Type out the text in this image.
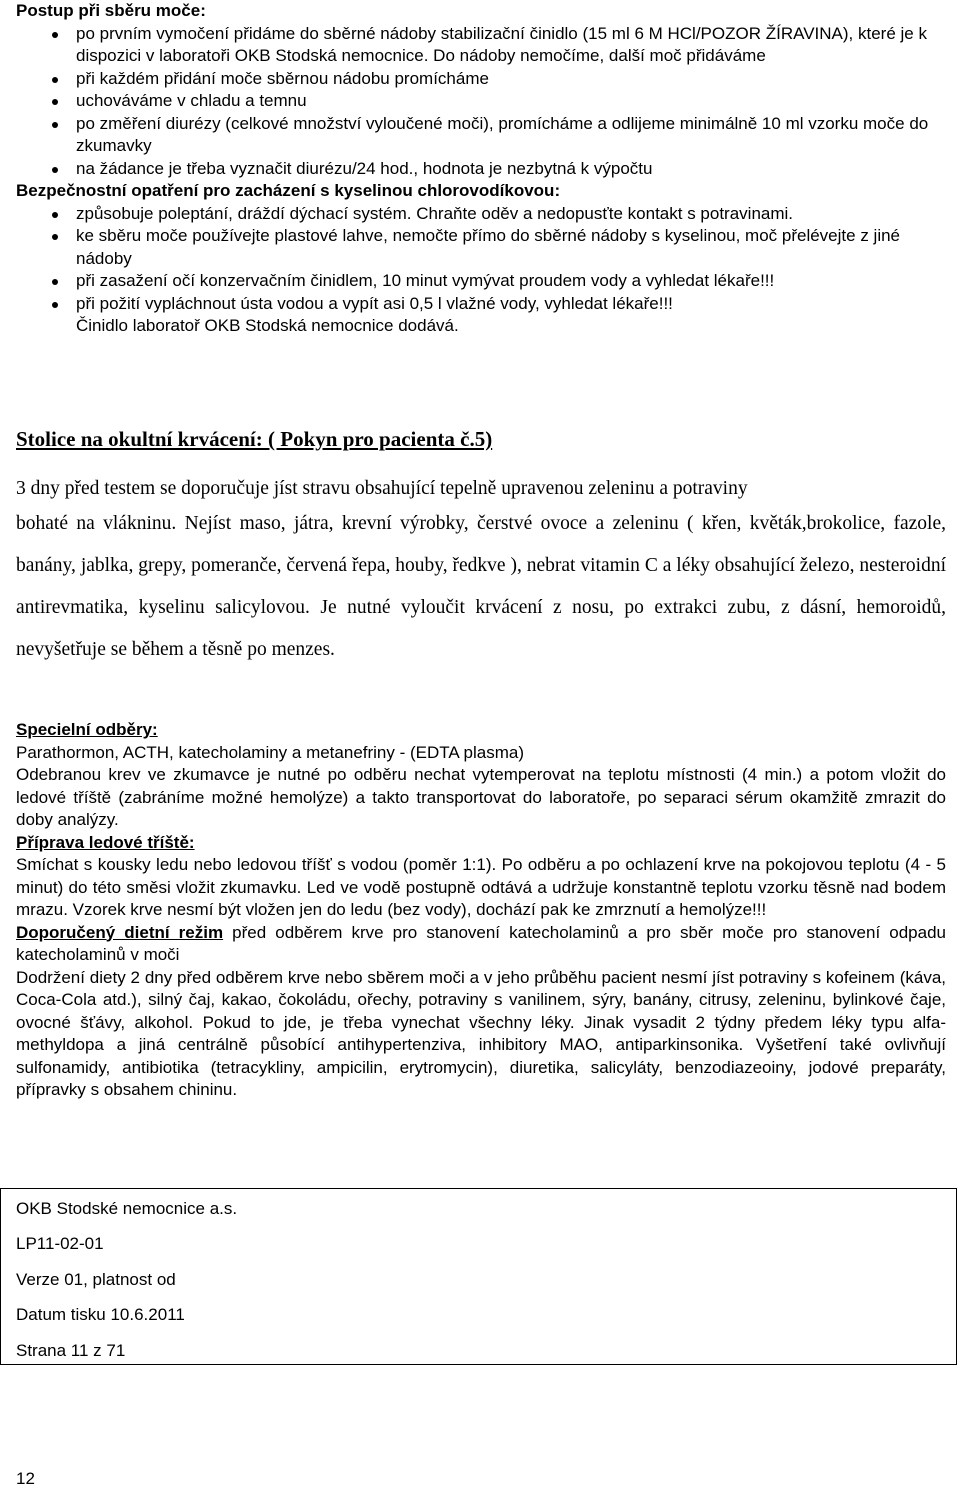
Postup při sběru moče:
po prvním vymočení přidáme do sběrné nádoby stabilizační činidlo (15 ml 6 M HCl/POZOR ŽÍRAVINA), které je k dispozici v laboratoři OKB Stodská nemocnice. Do nádoby nemočíme, další moč přidáváme
při každém přidání moče sběrnou nádobu promícháme
uchováváme v chladu a temnu
po změření diurézy (celkové množství vyloučené moči), promícháme a odlijeme minimálně 10 ml vzorku moče do zkumavky
na žádance je třeba vyznačit diurézu/24 hod., hodnota je nezbytná k výpočtu
Bezpečnostní opatření pro zacházení s kyselinou chlorovodíkovou:
způsobuje poleptání, dráždí dýchací systém. Chraňte oděv a nedopusťte kontakt s potravinami.
ke sběru moče používejte plastové lahve, nemočte přímo do sběrné nádoby s kyselinou, moč přelévejte z jiné nádoby
při zasažení očí konzervačním činidlem, 10 minut vymývat proudem vody a vyhledat lékaře!!!
při požití vypláchnout ústa vodou a vypít asi 0,5 l vlažné vody, vyhledat lékaře!!!
Činidlo laboratoř OKB Stodská nemocnice dodává.
Stolice na okultní krvácení: ( Pokyn pro pacienta č.5)
3 dny před testem se doporučuje jíst stravu obsahující tepelně upravenou zeleninu a potraviny
bohaté na vlákninu. Nejíst maso, játra, krevní výrobky, čerstvé ovoce a zeleninu ( křen, květák,brokolice, fazole, banány, jablka, grepy, pomeranče, červená řepa, houby, ředkve ), nebrat vitamin C a léky obsahující železo, nesteroidní antirevmatika, kyselinu salicylovou. Je nutné vyloučit krvácení z nosu, po extrakci zubu, z dásní, hemoroidů, nevyšetřuje se během a těsně po menzes.
Specielní odběry:
Parathormon, ACTH, katecholaminy a metanefriny - (EDTA plasma)
Odebranou krev ve zkumavce je nutné po odběru nechat vytemperovat na teplotu místnosti (4 min.) a potom vložit do ledové tříště (zabráníme možné hemolýze) a takto transportovat do laboratoře, po separaci sérum okamžitě zmrazit do doby analýzy.
Příprava ledové tříště:
Smíchat s kousky ledu nebo ledovou tříšť s vodou (poměr 1:1). Po odběru a po ochlazení krve na pokojovou teplotu (4 - 5 minut) do této směsi vložit zkumavku. Led ve vodě postupně odtává a udržuje konstantně teplotu vzorku těsně nad bodem mrazu. Vzorek krve nesmí být vložen jen do ledu (bez vody), dochází pak ke zmrznutí a hemolýze!!!
Doporučený dietní režim před odběrem krve pro stanovení katecholaminů a pro sběr moče pro stanovení odpadu katecholaminů v moči
Dodržení diety 2 dny před odběrem krve nebo sběrem moči a v jeho průběhu pacient nesmí jíst potraviny s kofeinem (káva, Coca-Cola atd.), silný čaj, kakao, čokoládu, ořechy, potraviny s vanilinem, sýry, banány, citrusy, zeleninu, bylinkové čaje, ovocné šťávy, alkohol. Pokud to jde, je třeba vynechat všechny léky. Jinak vysadit 2 týdny předem léky typu alfa-methyldopa a jiná centrálně působící antihypertenziva, inhibitory MAO, antiparkinsonika. Vyšetření také ovlivňují sulfonamidy, antibiotika (tetracykliny, ampicilin, erytromycin), diuretika, salicyláty, benzodiazeoiny, jodové preparáty, přípravky s obsahem chininu.
OKB Stodské nemocnice a.s.
LP11-02-01
Verze 01, platnost od
Datum tisku 10.6.2011
Strana 11 z 71
12
